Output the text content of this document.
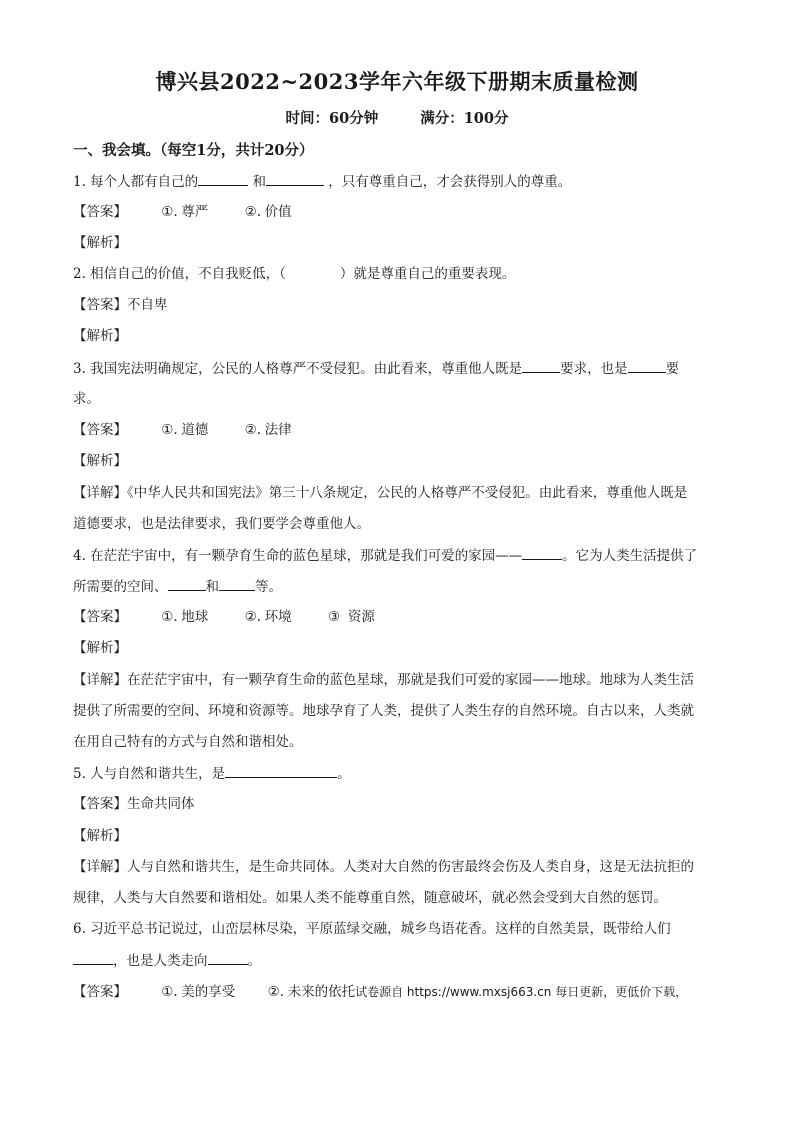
博兴县2022~2023学年六年级下册期末质量检测
时间：60分钟	满分：100分
一、我会填。（每空1分，共计20分）
1. 每个人都有自己的	和	，只有尊重自己，才会获得别人的尊重。
【答案】	①. 尊严	②. 价值
【解析】
2. 相信自己的价值，不自我贬低，（　　　　）就是尊重自己的重要表现。
【答案】不自卑
【解析】
3. 我国宪法明确规定，公民的人格尊严不受侵犯。由此看来，尊重他人既是	要求，也是	要
求。
【答案】	①. 道德	②. 法律
【解析】
【详解】《中华人民共和国宪法》第三十八条规定，公民的人格尊严不受侵犯。由此看来，尊重他人既是
道德要求，也是法律要求，我们要学会尊重他人。
4. 在茫茫宇宙中，有一颗孕育生命的蓝色星球，那就是我们可爱的家园——	。它为人类生活提供了
所需要的空间、	和	等。
【答案】	①. 地球	②. 环境	③ 资源
【解析】
【详解】在茫茫宇宙中，有一颗孕育生命的蓝色星球，那就是我们可爱的家园——地球。地球为人类生活
提供了所需要的空间、环境和资源等。地球孕育了人类，提供了人类生存的自然环境。自古以来，人类就
在用自己特有的方式与自然和谐相处。
5. 人与自然和谐共生，是	。
【答案】生命共同体
【解析】
【详解】人与自然和谐共生，是生命共同体。人类对大自然的伤害最终会伤及人类自身，这是无法抗拒的
规律，人类与大自然要和谐相处。如果人类不能尊重自然，随意破坏，就必然会受到大自然的惩罚。
6. 习近平总书记说过，山峦层林尽染，平原蓝绿交融，城乡鸟语花香。这样的自然美景，既带给人们
，也是人类走向	。
【答案】	①. 美的享受 ②. 未来的依托试卷源自 https://www.mxsj663.cn 每日更新，更低价下载，
